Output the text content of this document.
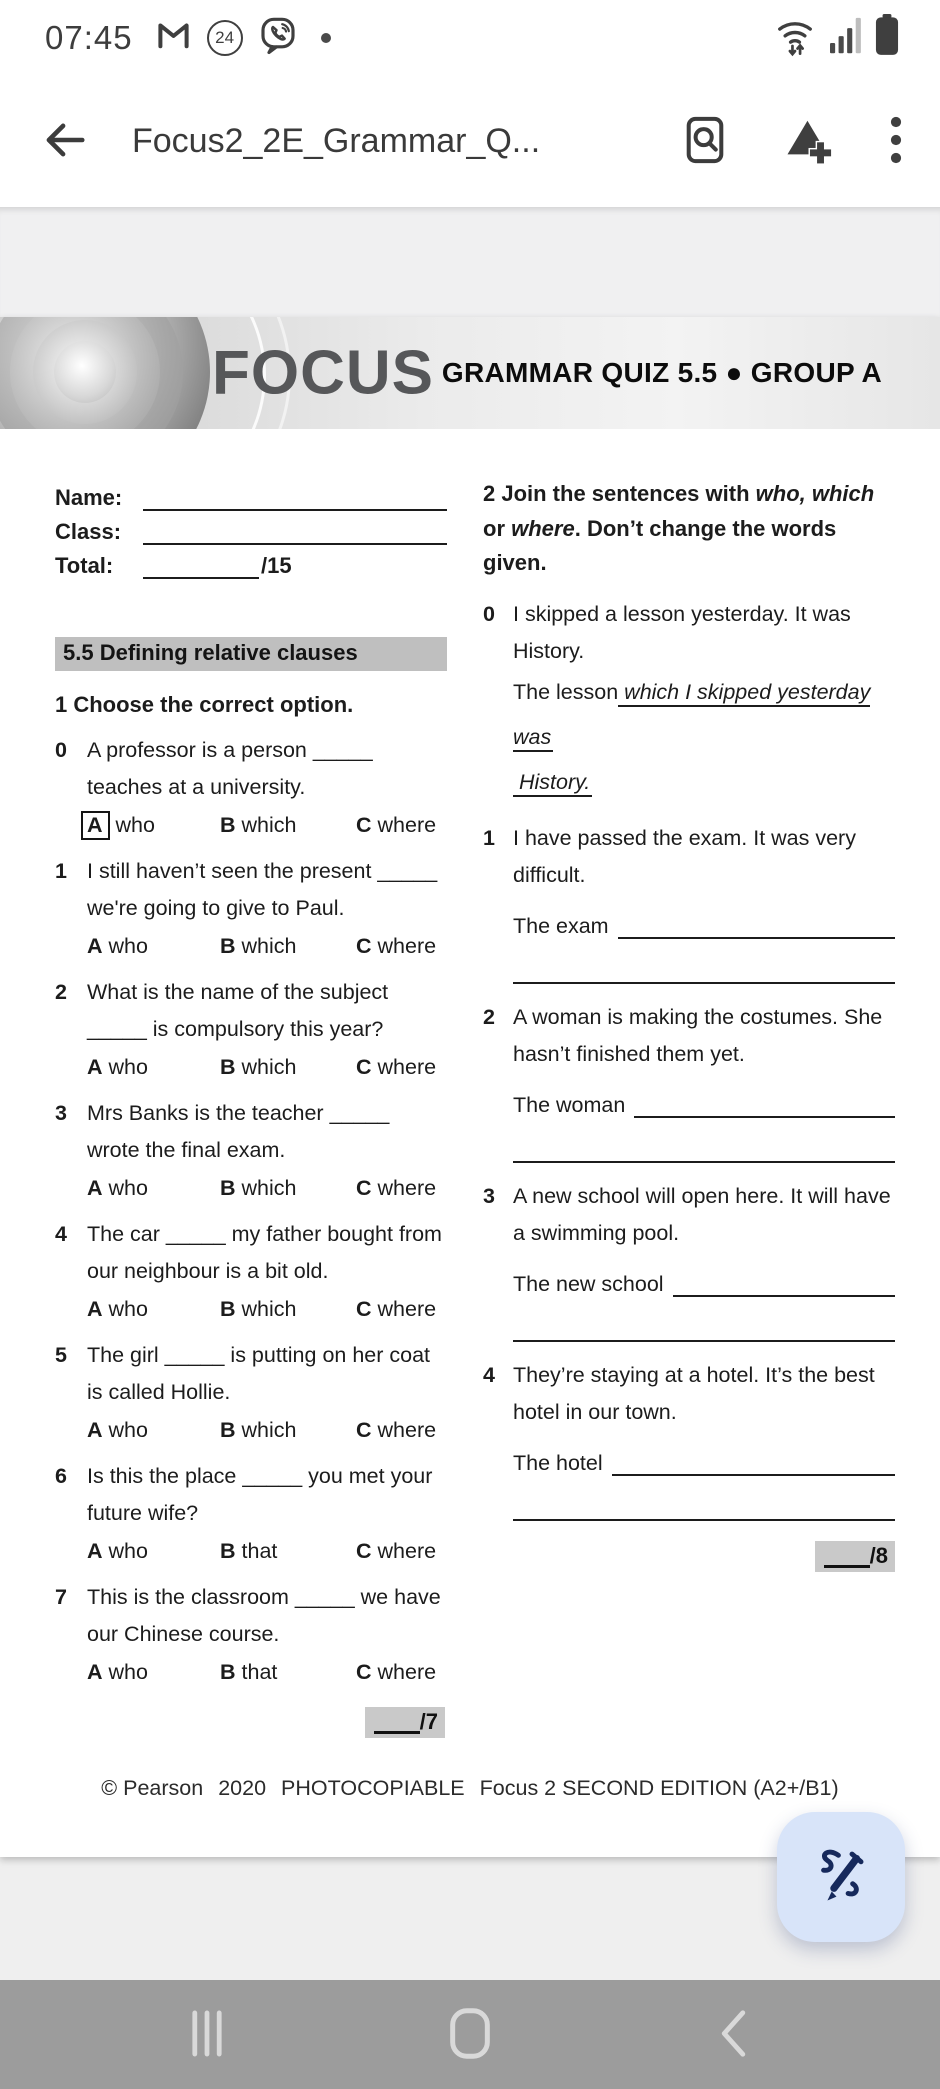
07:45	24
Focus2_2E_Grammar_Q...
FOCUS GRAMMAR QUIZ 5.5 ● GROUP A
Name:
Class:
Total:	/15
5.5 Defining relative clauses
1 Choose the correct option.
0 A professor is a person _____ teaches at a university.
A who	B which	C where
1 I still haven’t seen the present _____ we're going to give to Paul.
A who	B which	C where
2 What is the name of the subject _____ is compulsory this year?
A who	B which	C where
3 Mrs Banks is the teacher _____ wrote the final exam.
A who	B which	C where
4 The car _____ my father bought from our neighbour is a bit old.
A who	B which	C where
5 The girl _____ is putting on her coat is called Hollie.
A who	B which	C where
6 Is this the place _____ you met your future wife?
A who	B that	C where
7 This is the classroom _____ we have our Chinese course.
A who	B that	C where
/7
2 Join the sentences with who, which or where. Don’t change the words given.
0 I skipped a lesson yesterday. It was History.
The lesson which I skipped yesterday was
History.
1 I have passed the exam. It was very difficult.
The exam
2 A woman is making the costumes. She hasn’t finished them yet.
The woman
3 A new school will open here. It will have a swimming pool.
The new school
4 They’re staying at a hotel. It’s the best hotel in our town.
The hotel
/8
© Pearson 2020 PHOTOCOPIABLE Focus 2 SECOND EDITION (A2+/B1)
